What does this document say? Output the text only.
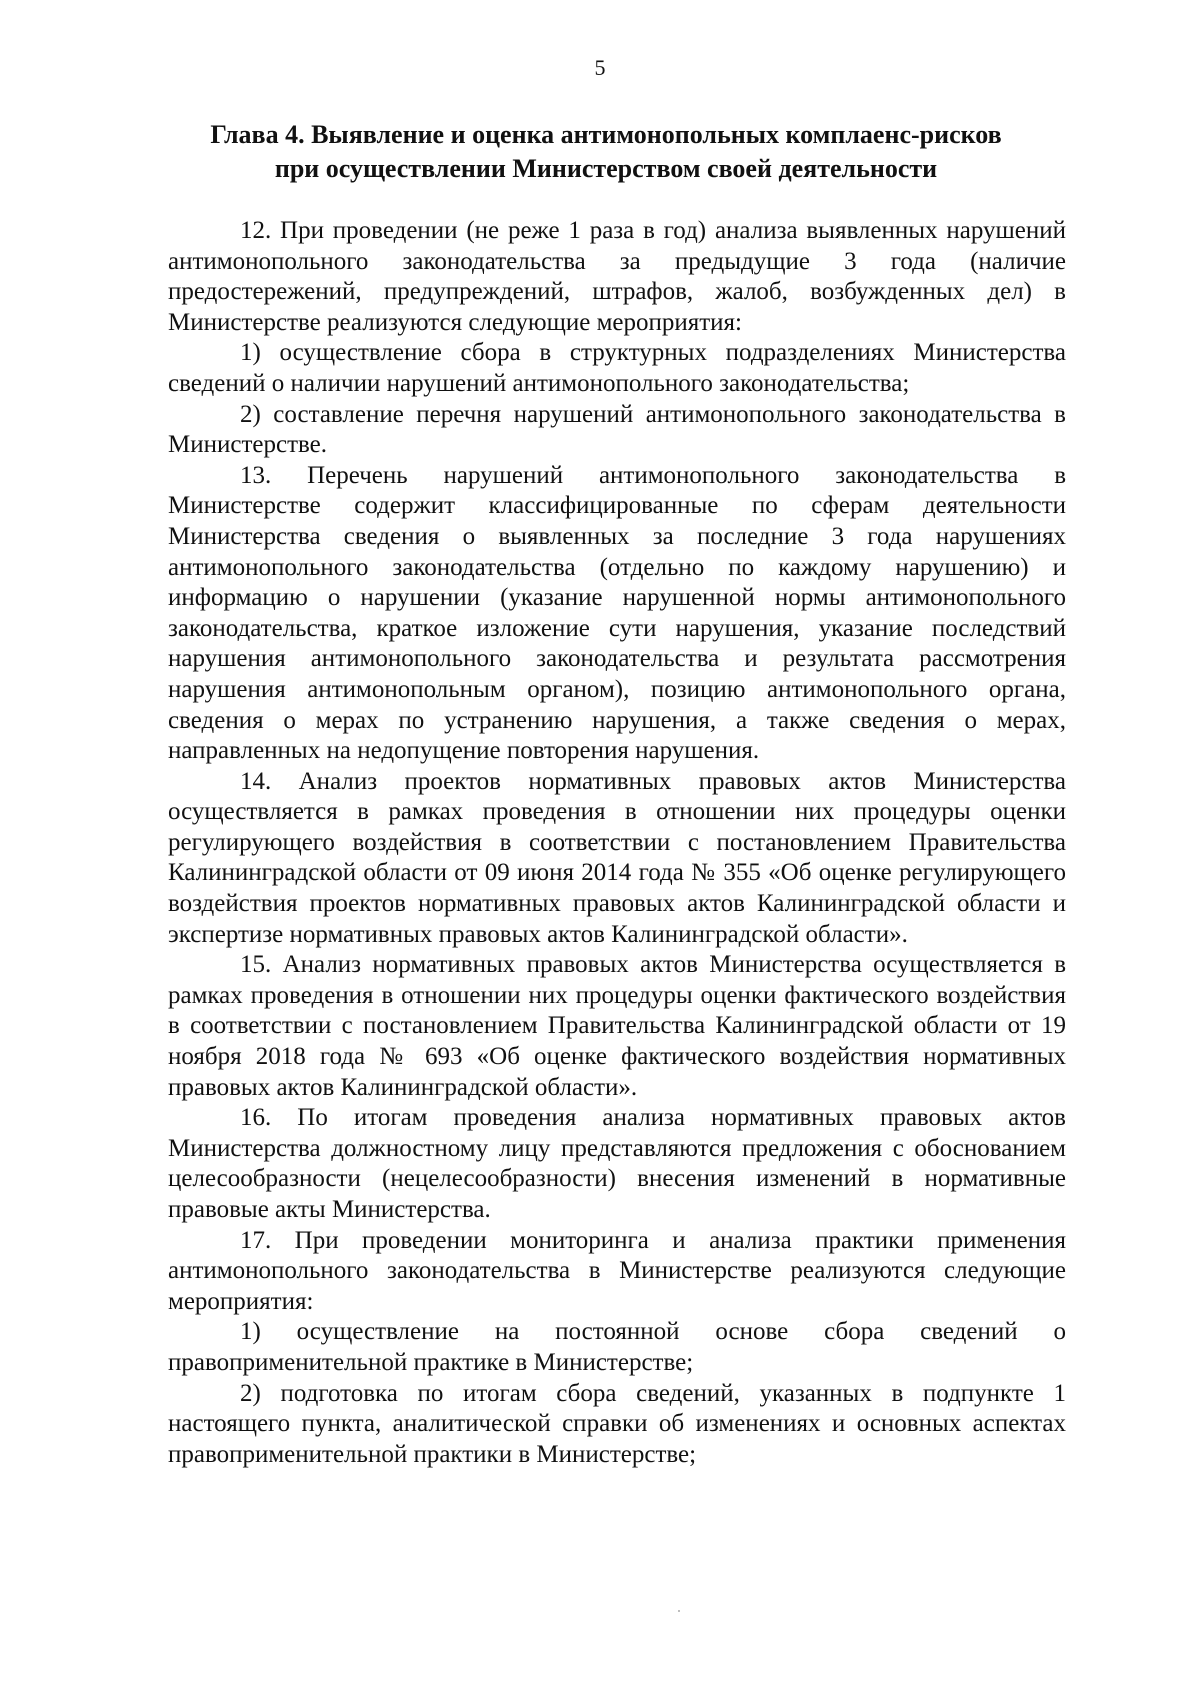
5
Глава 4. Выявление и оценка антимонопольных комплаенс-рисков
при осуществлении Министерством своей деятельности

12. При проведении (не реже 1 раза в год) анализа выявленных нарушений антимонопольного законодательства за предыдущие 3 года (наличие предостережений, предупреждений, штрафов, жалоб, возбужденных дел) в Министерстве реализуются следующие мероприятия:

1) осуществление сбора в структурных подразделениях Министерства сведений о наличии нарушений антимонопольного законодательства;

2) составление перечня нарушений антимонопольного законодательства в Министерстве.

13. Перечень нарушений антимонопольного законодательства в Министерстве содержит классифицированные по сферам деятельности Министерства сведения о выявленных за последние 3 года нарушениях антимонопольного законодательства (отдельно по каждому нарушению) и информацию о нарушении (указание нарушенной нормы антимонопольного законодательства, краткое изложение сути нарушения, указание последствий нарушения антимонопольного законодательства и результата рассмотрения нарушения антимонопольным органом), позицию антимонопольного органа, сведения о мерах по устранению нарушения, а также сведения о мерах, направленных на недопущение повторения нарушения.

14. Анализ проектов нормативных правовых актов Министерства осуществляется в рамках проведения в отношении них процедуры оценки регулирующего воздействия в соответствии с постановлением Правительства Калининградской области от 09 июня 2014 года № 355 «Об оценке регулирующего воздействия проектов нормативных правовых актов Калининградской области и экспертизе нормативных правовых актов Калининградской области».

15. Анализ нормативных правовых актов Министерства осуществляется в рамках проведения в отношении них процедуры оценки фактического воздействия в соответствии с постановлением Правительства Калининградской области от 19 ноября 2018 года № 693 «Об оценке фактического воздействия нормативных правовых актов Калининградской области».

16. По итогам проведения анализа нормативных правовых актов Министерства должностному лицу представляются предложения с обоснованием целесообразности (нецелесообразности) внесения изменений в нормативные правовые акты Министерства.

17. При проведении мониторинга и анализа практики применения антимонопольного законодательства в Министерстве реализуются следующие мероприятия:

1) осуществление на постоянной основе сбора сведений о правоприменительной практике в Министерстве;

2) подготовка по итогам сбора сведений, указанных в подпункте 1 настоящего пункта, аналитической справки об изменениях и основных аспектах правоприменительной практики в Министерстве;
